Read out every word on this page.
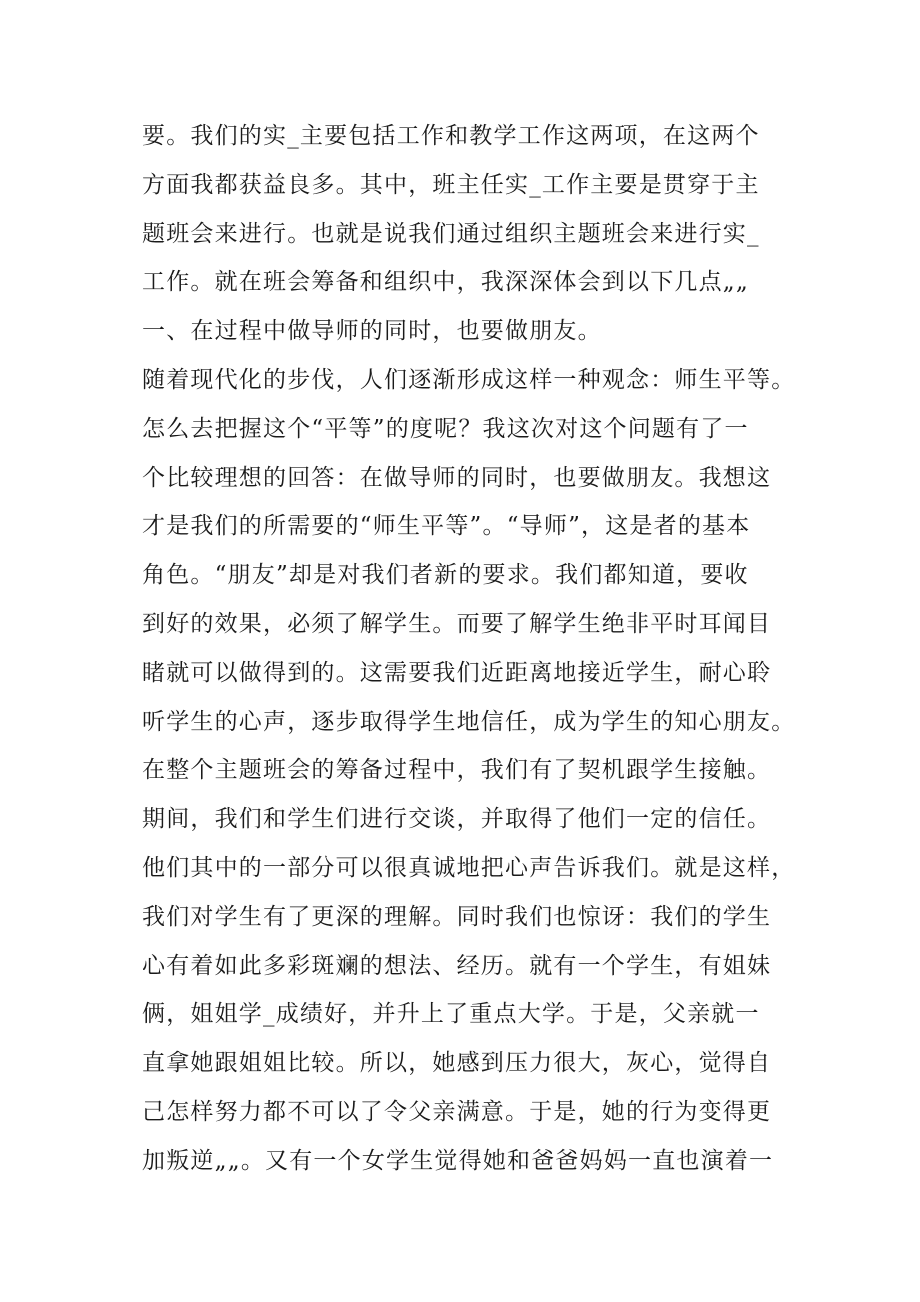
要。我们的实_主要包括工作和教学工作这两项，在这两个
方面我都获益良多。其中，班主任实_工作主要是贯穿于主
题班会来进行。也就是说我们通过组织主题班会来进行实_
工作。就在班会筹备和组织中，我深深体会到以下几点„„
一、在过程中做导师的同时，也要做朋友。
随着现代化的步伐，人们逐渐形成这样一种观念：师生平等。
怎么去把握这个“平等”的度呢？我这次对这个问题有了一
个比较理想的回答：在做导师的同时，也要做朋友。我想这
才是我们的所需要的“师生平等”。“导师”，这是者的基本
角色。“朋友”却是对我们者新的要求。我们都知道，要收
到好的效果，必须了解学生。而要了解学生绝非平时耳闻目
睹就可以做得到的。这需要我们近距离地接近学生，耐心聆
听学生的心声，逐步取得学生地信任，成为学生的知心朋友。
在整个主题班会的筹备过程中，我们有了契机跟学生接触。
期间，我们和学生们进行交谈，并取得了他们一定的信任。
他们其中的一部分可以很真诚地把心声告诉我们。就是这样，
我们对学生有了更深的理解。同时我们也惊讶：我们的学生
心有着如此多彩斑斓的想法、经历。就有一个学生，有姐妹
俩，姐姐学_成绩好，并升上了重点大学。于是，父亲就一
直拿她跟姐姐比较。所以，她感到压力很大，灰心，觉得自
己怎样努力都不可以了令父亲满意。于是，她的行为变得更
加叛逆„„。又有一个女学生觉得她和爸爸妈妈一直也演着一
